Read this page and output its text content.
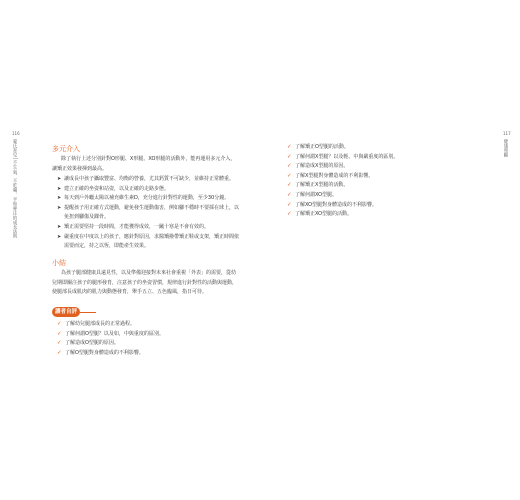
116
蒙氏育兒│不生氣、不吃藥、平和專注的成長法則	多元介入

除了執行上述分別針對O形腿、X形腿、XO形腿的活動外，能再運用多元介入，讓矯正效果發揮到最高。

➤ 讓成長中孩子攝取豐富、均衡的營養，尤其鈣質不可缺少，並維持正常體重。
➤ 建立正確的坐姿和站姿，以及正確的走路步態。
➤ 每天到戶外曬太陽以補充維生素D，充分進行針對性的運動，至少30分鐘。
➤ 提醒孩子用正確方式運動，避免發生運動傷害，例如腳不穩時不要採在球上，以免扭到腳傷及踝骨。
➤ 矯正需要堅持一段時間，才能獲得成效，一蹴十寒是不會有效的。
➤ 嚴重度在中度以上的孩子，應針對原因，求醫矯撥帶矯正鞋或支架，矯正時間依需要而定，持之以恆，即能產生效果。
小結

為孩子腿部健康具遠見性，以及準備迎接對未來社會重視「外表」的需要，從幼兒期即關注孩子的腿形發育，注意孩子的坐姿習慣，規律進行針對性的活動與運動，使腿部長成肌肉的肌力與動態發育，舉手五立、五色臨風，指日可待。

讀者自評
✓ 了解幼兒腿部成長的正常過程。
✓ 了解何謂O型腿？以及如，中與重度的區別。
✓ 了解造成O型腿的原因。
✓ 了解O型腿對身體造成的不利影響。
117
健康照顧
✓ 了解矯正O型腿的活動。
✓ 了解何謂X型腿？以及輕、中與嚴重度的區別。
✓ 了解造成X型腿的原因。
✓ 了解X型腿對身體造成的不利影響。
✓ 了解矯正X型腿的活動。
✓ 了解何謂XO型腿。
✓ 了解XO型腿對身體造成的不利影響。
✓ 了解矯正XO型腿的活動。
